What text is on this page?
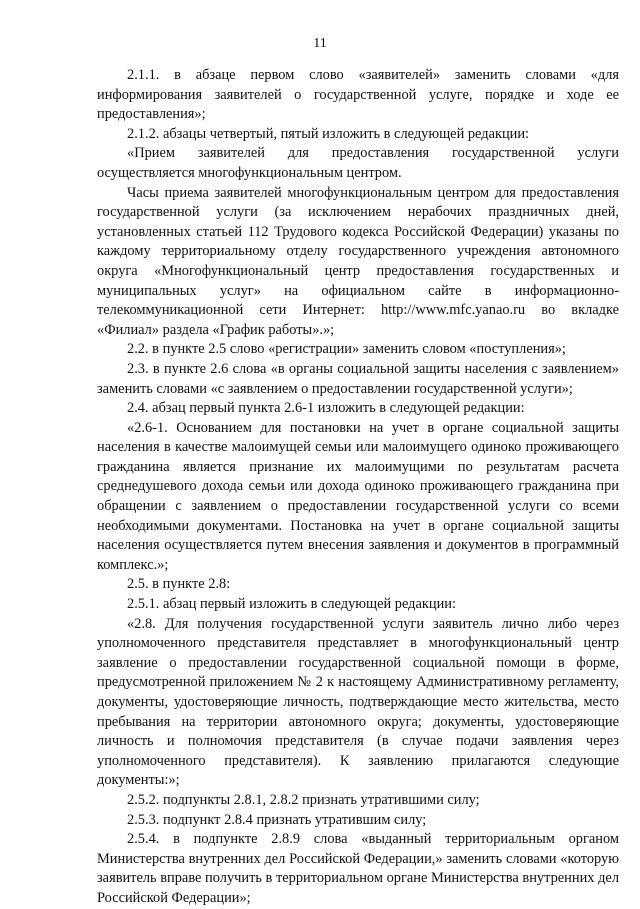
11

2.1.1. в абзаце первом слово «заявителей» заменить словами «для информирования заявителей о государственной услуге, порядке и ходе ее предоставления»;

2.1.2. абзацы четвертый, пятый изложить в следующей редакции:

«Прием заявителей для предоставления государственной услуги осуществляется многофункциональным центром.

Часы приема заявителей многофункциональным центром для предоставления государственной услуги (за исключением нерабочих праздничных дней, установленных статьей 112 Трудового кодекса Российской Федерации) указаны по каждому территориальному отделу государственного учреждения автономного округа «Многофункциональный центр предоставления государственных и муниципальных услуг» на официальном сайте в информационно-телекоммуникационной сети Интернет: http://www.mfc.yanao.ru во вкладке «Филиал» раздела «График работы».»;

2.2. в пункте 2.5 слово «регистрации» заменить словом «поступления»;

2.3. в пункте 2.6 слова «в органы социальной защиты населения с заявлением» заменить словами «с заявлением о предоставлении государственной услуги»;

2.4. абзац первый пункта 2.6-1 изложить в следующей редакции:

«2.6-1. Основанием для постановки на учет в органе социальной защиты населения в качестве малоимущей семьи или малоимущего одиноко проживающего гражданина является признание их малоимущими по результатам расчета среднедушевого дохода семьи или дохода одиноко проживающего гражданина при обращении с заявлением о предоставлении государственной услуги со всеми необходимыми документами. Постановка на учет в органе социальной защиты населения осуществляется путем внесения заявления и документов в программный комплекс.»;

2.5. в пункте 2.8:

2.5.1. абзац первый изложить в следующей редакции:

«2.8. Для получения государственной услуги заявитель лично либо через уполномоченного представителя представляет в многофункциональный центр заявление о предоставлении государственной социальной помощи в форме, предусмотренной приложением № 2 к настоящему Административному регламенту, документы, удостоверяющие личность, подтверждающие место жительства, место пребывания на территории автономного округа; документы, удостоверяющие личность и полномочия представителя (в случае подачи заявления через уполномоченного представителя). К заявлению прилагаются следующие документы:»;

2.5.2. подпункты 2.8.1, 2.8.2 признать утратившими силу;

2.5.3. подпункт 2.8.4 признать утратившим силу;

2.5.4. в подпункте 2.8.9 слова «выданный территориальным органом Министерства внутренних дел Российской Федерации,» заменить словами «которую заявитель вправе получить в территориальном органе Министерства внутренних дел Российской Федерации»;
